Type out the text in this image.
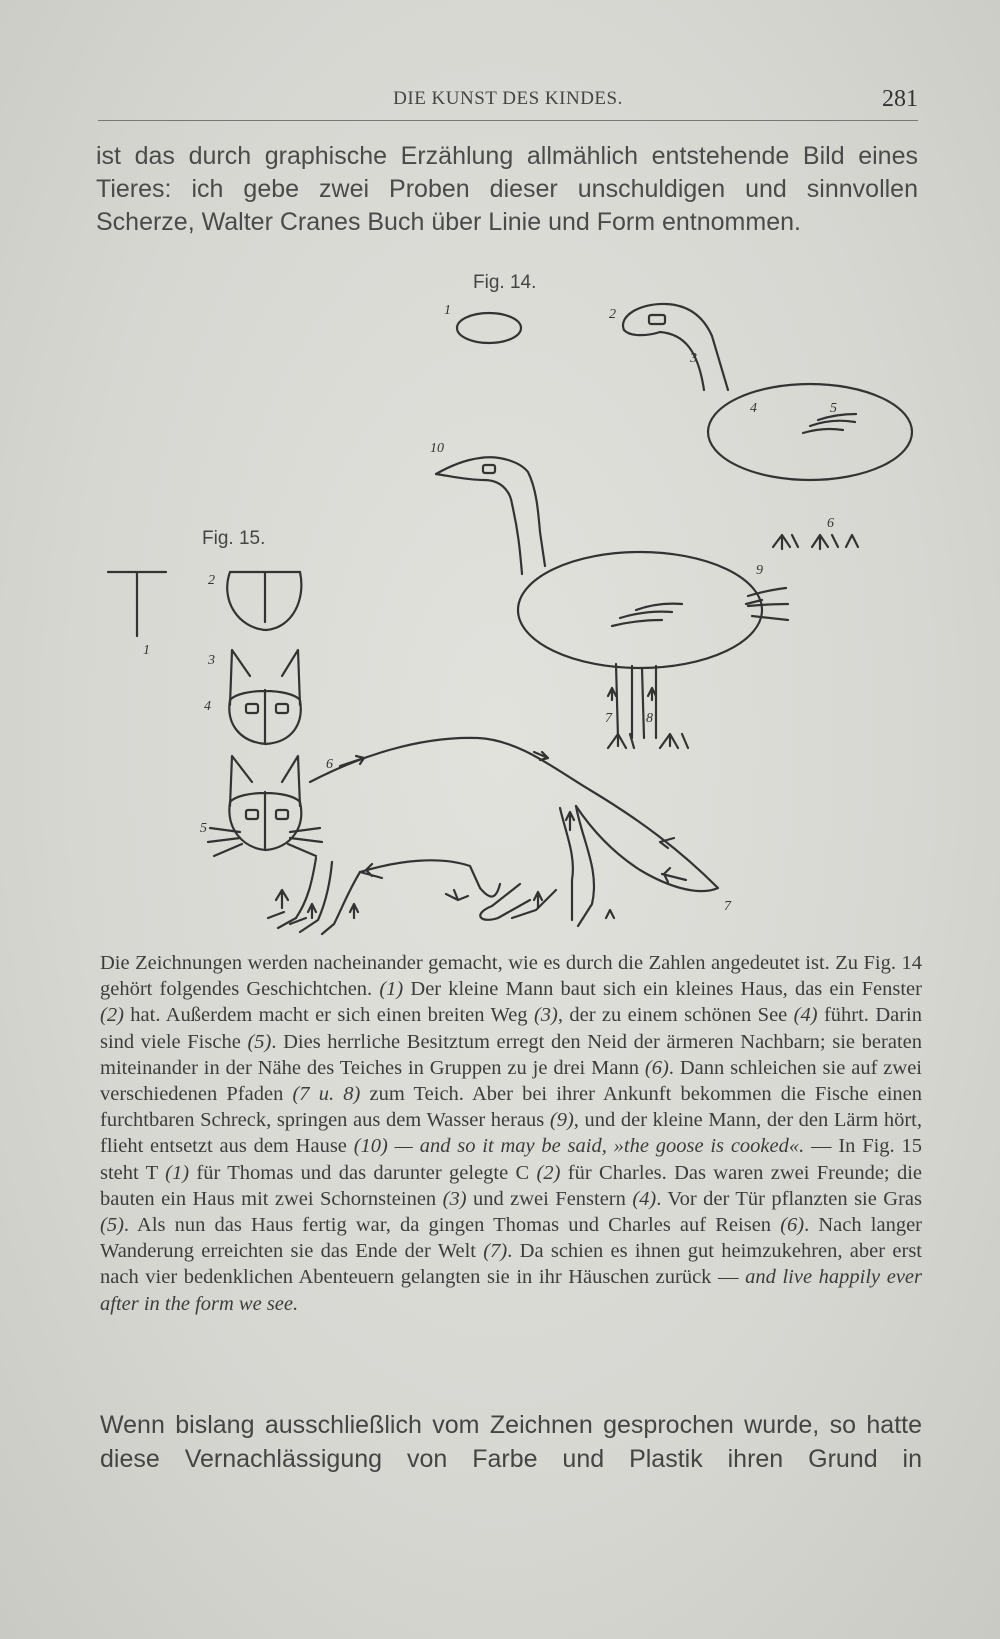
DIE KUNST DES KINDES.	281

ist das durch graphische Erzählung allmählich entstehende Bild eines
Tieres: ich gebe zwei Proben dieser unschuldigen und sinnvollen
Scherze, Walter Cranes Buch über Linie und Form entnommen.

Fig. 14.
Fig. 15.
1	2
3
4	5
6
7 8
9
10
1
2
3
4
5
6
7

Die Zeichnungen werden nacheinander gemacht, wie es durch die Zahlen angedeutet ist. Zu Fig. 14 gehört folgendes Geschichtchen. (1) Der kleine Mann baut sich ein kleines Haus, das ein Fenster (2) hat. Außerdem macht er sich einen breiten Weg (3), der zu einem schönen See (4) führt. Darin sind viele Fische (5). Dies herrliche Besitztum erregt den Neid der ärmeren Nachbarn; sie beraten miteinander in der Nähe des Teiches in Gruppen zu je drei Mann (6). Dann schleichen sie auf zwei verschiedenen Pfaden (7 u. 8) zum Teich. Aber bei ihrer Ankunft bekommen die Fische einen furchtbaren Schreck, springen aus dem Wasser heraus (9), und der kleine Mann, der den Lärm hört, flieht entsetzt aus dem Hause (10) — and so it may be said, »the goose is cooked«. — In Fig. 15 steht T (1) für Thomas und das darunter gelegte C (2) für Charles. Das waren zwei Freunde; die bauten ein Haus mit zwei Schornsteinen (3) und zwei Fenstern (4). Vor der Tür pflanzten sie Gras (5). Als nun das Haus fertig war, da gingen Thomas und Charles auf Reisen (6). Nach langer Wanderung erreichten sie das Ende der Welt (7). Da schien es ihnen gut heimzukehren, aber erst nach vier bedenklichen Abenteuern gelangten sie in ihr Häuschen zurück — and live happily ever after in the form we see.

Wenn bislang ausschließlich vom Zeichnen gesprochen wurde, so hatte diese Vernachlässigung von Farbe und Plastik ihren Grund in
